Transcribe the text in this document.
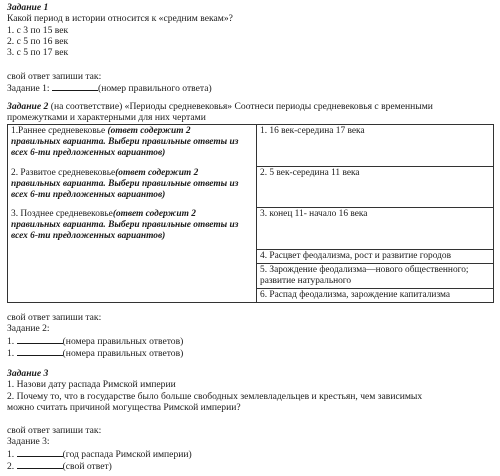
Задание 1
Какой период в истории относится к «средним векам»?
1. с 3 по 15 век
2. с 5 по 16 век
3. с 5 по 17 век
свой ответ запиши так:
Задание 1:	(номер правильного ответа)
Задание 2 (на соответствие) «Периоды средневековья» Соотнеси периоды средневековья с временными
промежутками и характерными для них чертами
1.Раннее средневековье (ответ содержит 2
правильных варианта. Выбери правильные ответы из
всех 6-ти предложенных вариантов)	1. 16 век-середина 17 века
2. Развитое средневековье(ответ содержит 2
правильных варианта. Выбери правильные ответы из
всех 6-ти предложенных вариантов)	2. 5 век-середина 11 века
3. Позднее средневековье(ответ содержит 2
правильных варианта. Выбери правильные ответы из
всех 6-ти предложенных вариантов)	3. конец 11- начало 16 века
	4. Расцвет феодализма, рост и развитие городов
	5. Зарождение феодализма—нового общественного;
развитие натурального
	6. Распад феодализма, зарождение капитализма
свой ответ запиши так:
Задание 2:
1.	(номера правильных ответов)
1.	(номера правильных ответов)
Задание 3
1. Назови дату распада Римской империи
2. Почему то, что в государстве было больше свободных землевладельцев и крестьян, чем зависимых
можно считать причиной могущества Римской империи?
свой ответ запиши так:
Задание 3:
1.	(год распада Римской империи)
2.	(свой ответ)
